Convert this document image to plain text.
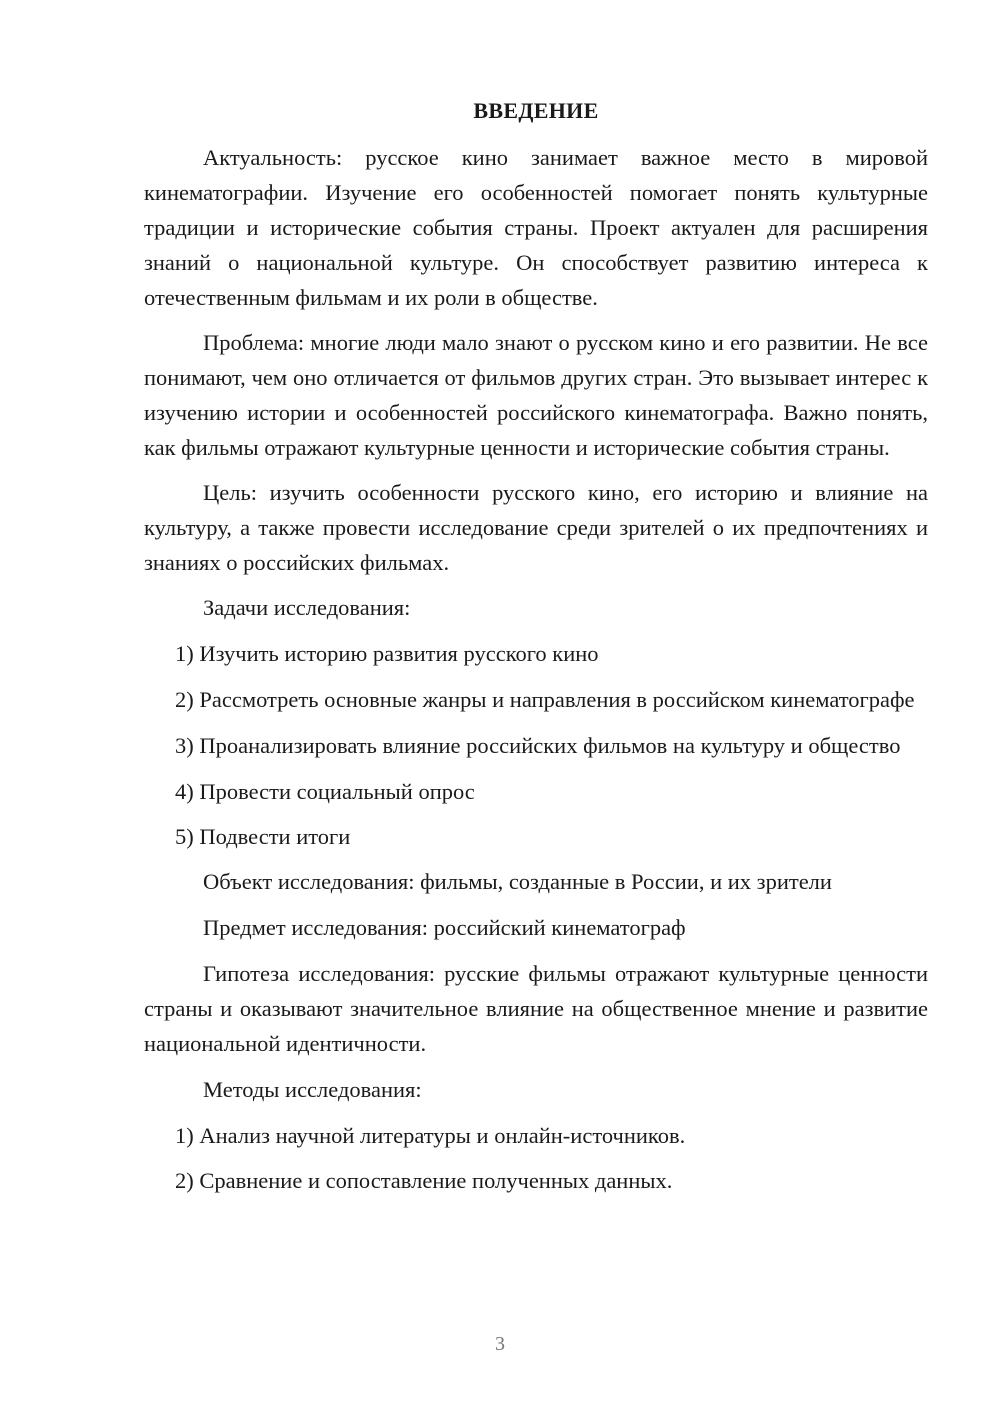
ВВЕДЕНИЕ

Актуальность: русское кино занимает важное место в мировой кинематографии. Изучение его особенностей помогает понять культурные традиции и исторические события страны. Проект актуален для расширения знаний о национальной культуре. Он способствует развитию интереса к отечественным фильмам и их роли в обществе.

Проблема: многие люди мало знают о русском кино и его развитии. Не все понимают, чем оно отличается от фильмов других стран. Это вызывает интерес к изучению истории и особенностей российского кинематографа. Важно понять, как фильмы отражают культурные ценности и исторические события страны.

Цель: изучить особенности русского кино, его историю и влияние на культуру, а также провести исследование среди зрителей о их предпочтениях и знаниях о российских фильмах.

Задачи исследования:

1) Изучить историю развития русского кино

2) Рассмотреть основные жанры и направления в российском кинематографе

3) Проанализировать влияние российских фильмов на культуру и общество

4) Провести социальный опрос

5) Подвести итоги

Объект исследования: фильмы, созданные в России, и их зрители

Предмет исследования: российский кинематограф

Гипотеза исследования: русские фильмы отражают культурные ценности страны и оказывают значительное влияние на общественное мнение и развитие национальной идентичности.

Методы исследования:

1) Анализ научной литературы и онлайн-источников.

2) Сравнение и сопоставление полученных данных.

3
